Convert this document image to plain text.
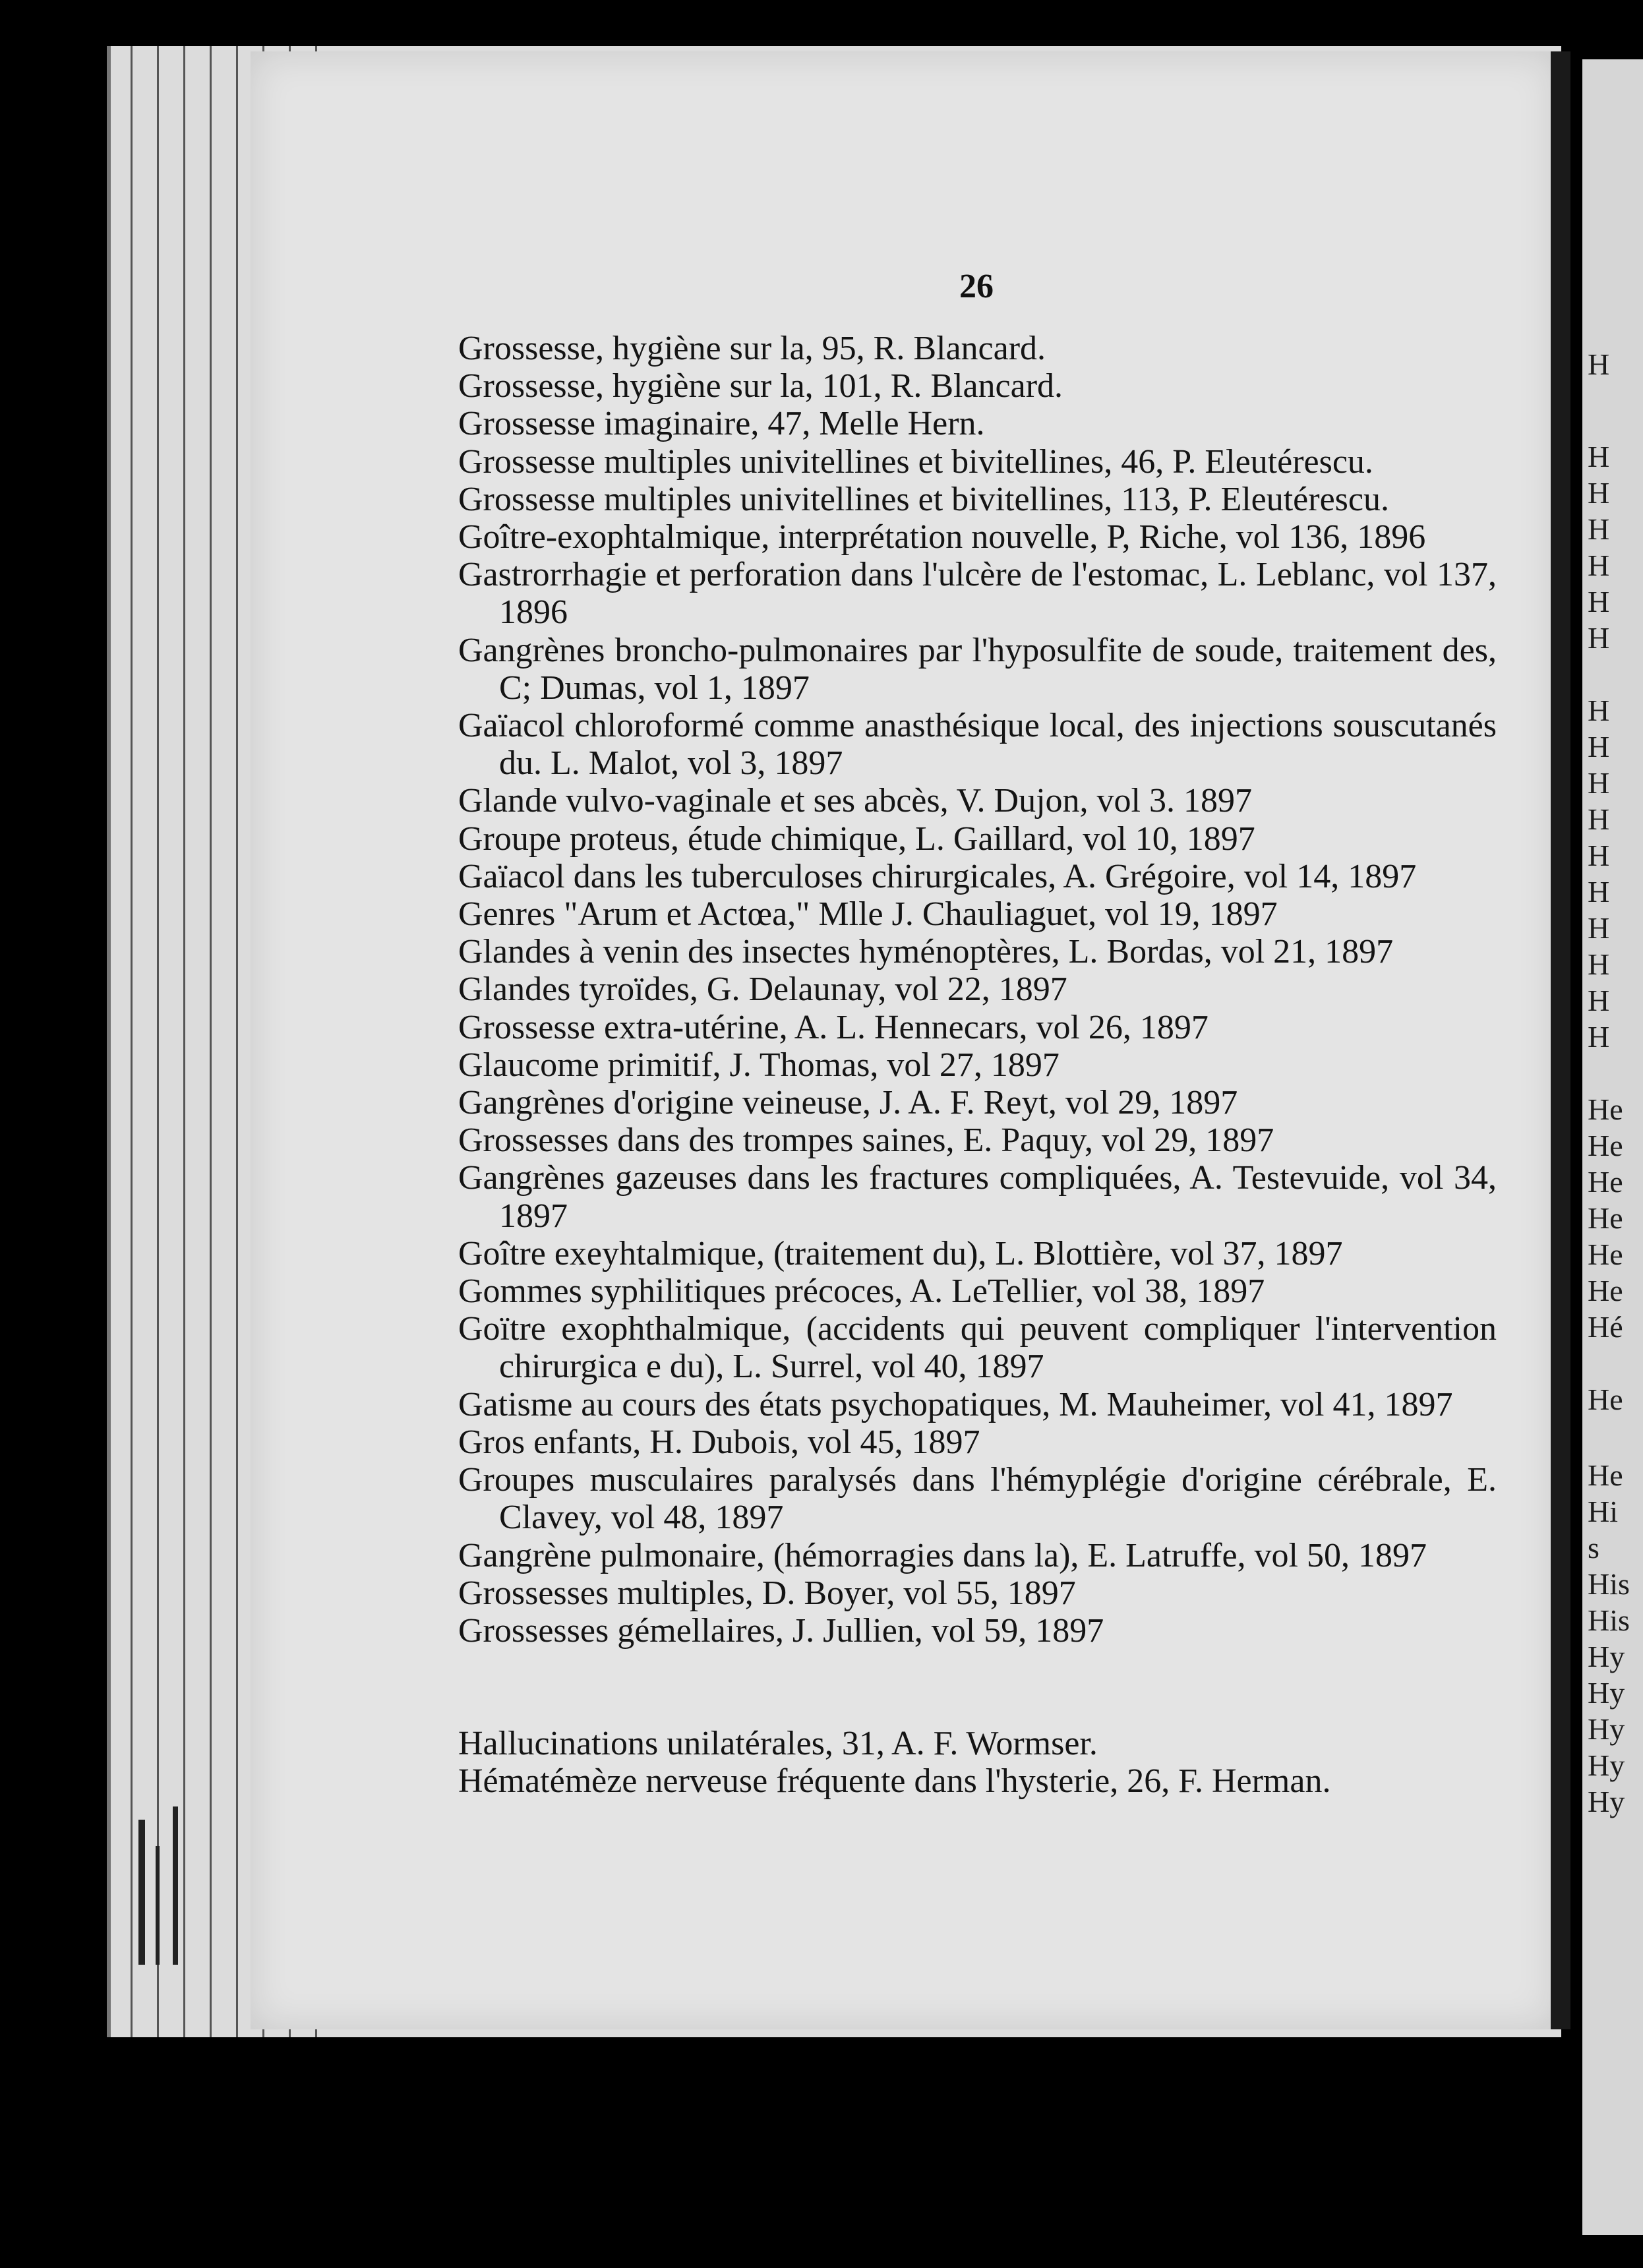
H
H
H
H
H
H
H
H
H
H
H
H
H
H
H
H
H
He
He
He
He
He
He
Hé
He
He
Hi
s
His
His
Hy
Hy
Hy
Hy
Hy
26

Grossesse, hygiène sur la, 95, R. Blancard.

Grossesse, hygiène sur la, 101, R. Blancard.

Grossesse imaginaire, 47, Melle Hern.

Grossesse multiples univitellines et bivitellines, 46, P. Eleutérescu.

Grossesse multiples univitellines et bivitellines, 113, P. Eleutérescu.

Goître-exophtalmique, interprétation nouvelle, P, Riche, vol 136, 1896

Gastrorrhagie et perforation dans l'ulcère de l'estomac, L. Leblanc, vol 137, 1896

Gangrènes broncho-pulmonaires par l'hyposulfite de soude, traitement des, C; Dumas, vol 1, 1897

Gaïacol chloroformé comme anasthésique local, des injections souscutanés du. L. Malot, vol 3, 1897

Glande vulvo-vaginale et ses abcès, V. Dujon, vol 3. 1897

Groupe proteus, étude chimique, L. Gaillard, vol 10, 1897

Gaïacol dans les tuberculoses chirurgicales, A. Grégoire, vol 14, 1897

Genres "Arum et Actœa," Mlle J. Chauliaguet, vol 19, 1897

Glandes à venin des insectes hyménoptères, L. Bordas, vol 21, 1897

Glandes tyroïdes, G. Delaunay, vol 22, 1897

Grossesse extra-utérine, A. L. Hennecars, vol 26, 1897

Glaucome primitif, J. Thomas, vol 27, 1897

Gangrènes d'origine veineuse, J. A. F. Reyt, vol 29, 1897

Grossesses dans des trompes saines, E. Paquy, vol 29, 1897

Gangrènes gazeuses dans les fractures compliquées, A. Testevuide, vol 34, 1897

Goître exeyhtalmique, (traitement du), L. Blottière, vol 37, 1897

Gommes syphilitiques précoces, A. LeTellier, vol 38, 1897

Goïtre exophthalmique, (accidents qui peuvent compliquer l'intervention chirurgica e du), L. Surrel, vol 40, 1897

Gatisme au cours des états psychopatiques, M. Mauheimer, vol 41, 1897

Gros enfants, H. Dubois, vol 45, 1897

Groupes musculaires paralysés dans l'hémyplégie d'origine cérébrale, E. Clavey, vol 48, 1897

Gangrène pulmonaire, (hémorragies dans la), E. Latruffe, vol 50, 1897

Grossesses multiples, D. Boyer, vol 55, 1897

Grossesses gémellaires, J. Jullien, vol 59, 1897

Hallucinations unilatérales, 31, A. F. Wormser.

Hématémèze nerveuse fréquente dans l'hysterie, 26, F. Herman.
